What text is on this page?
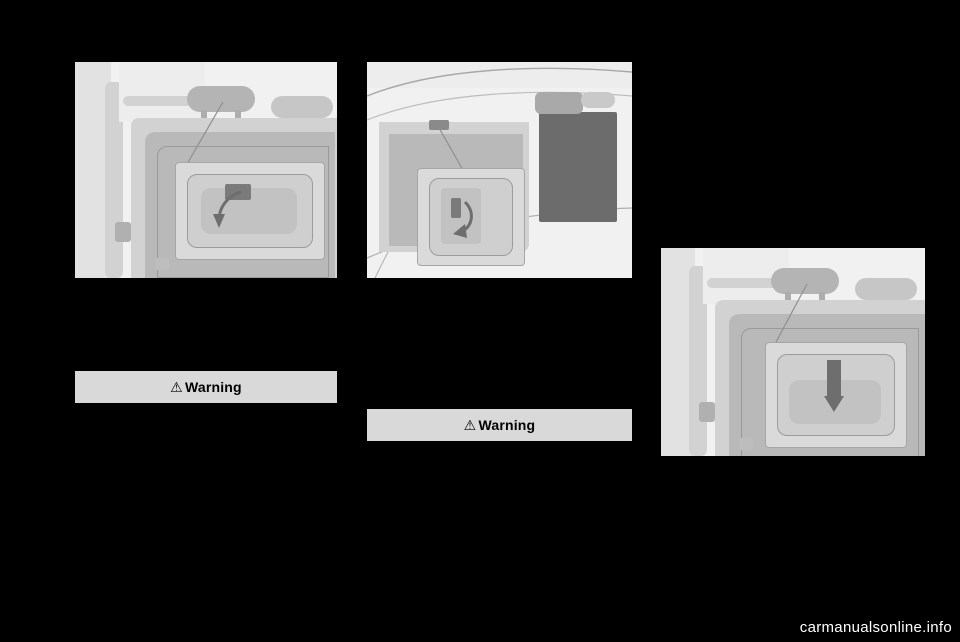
⚠ Warning
⚠ Warning
carmanualsonline.info
